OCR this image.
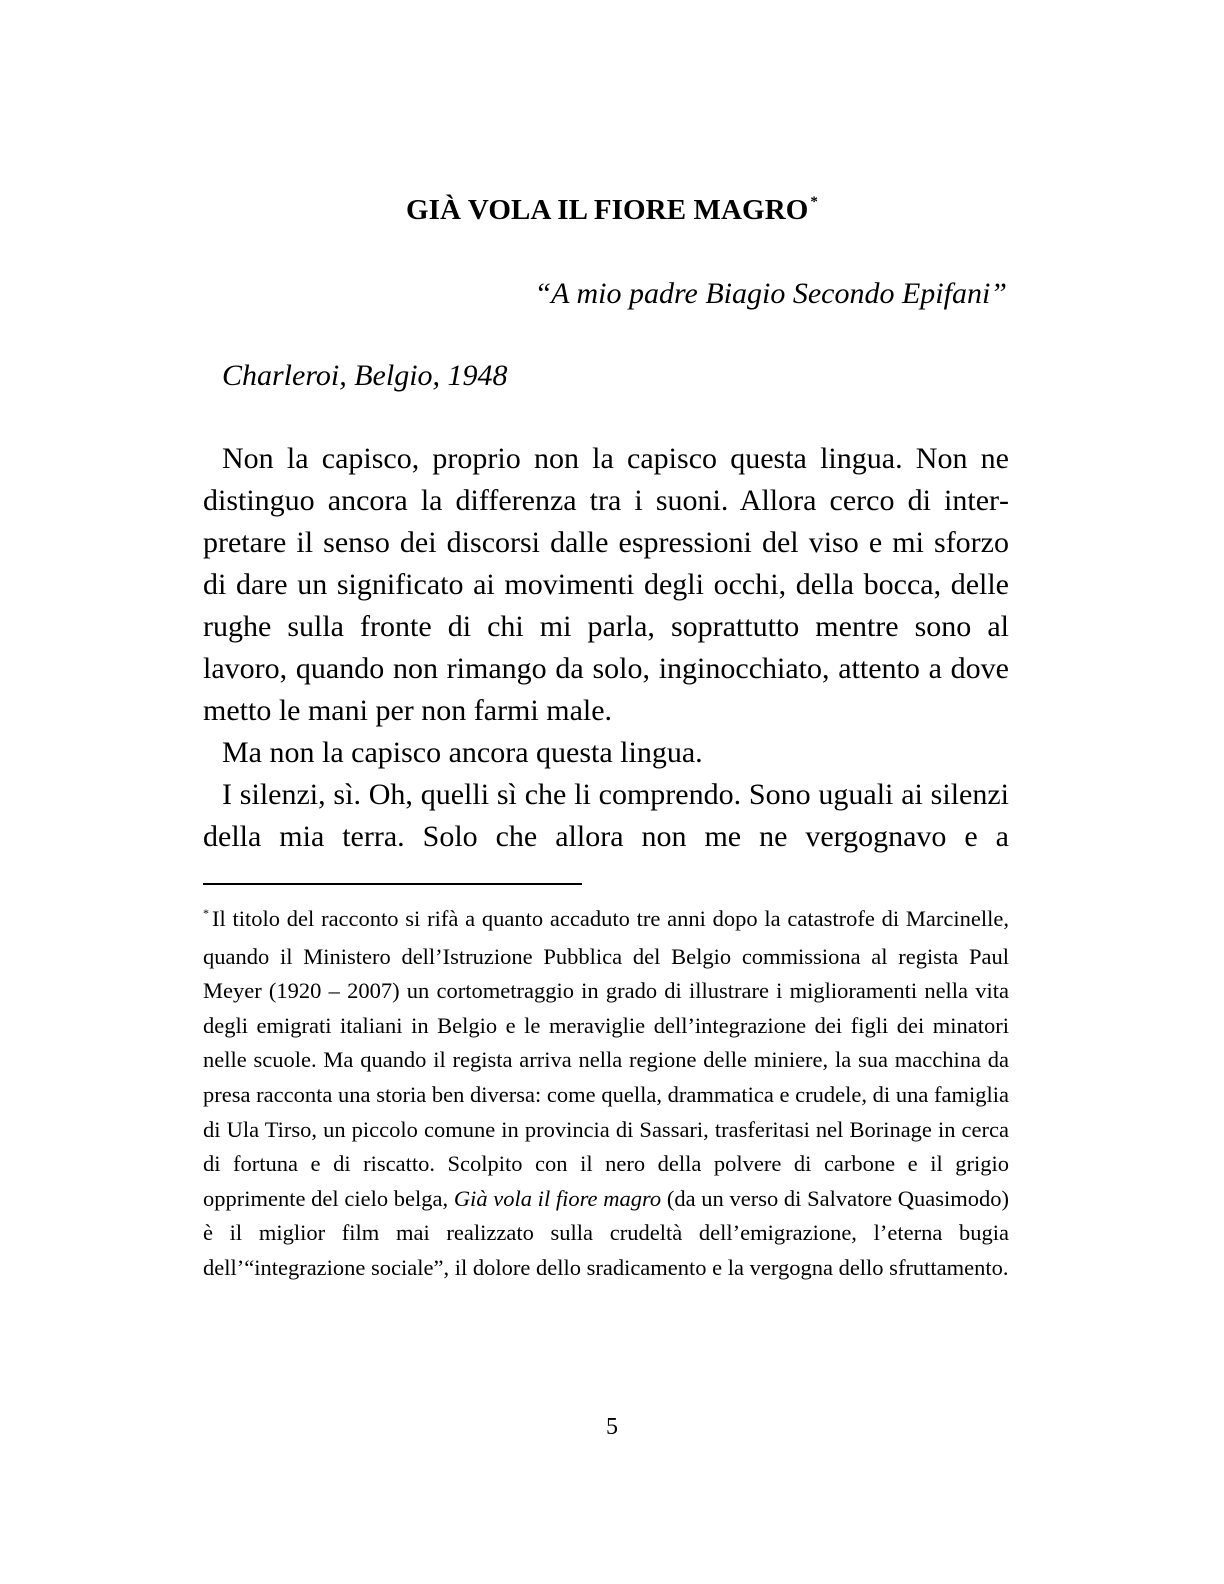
GIÀ VOLA IL FIORE MAGRO *

“A mio padre Biagio Secondo Epifani”

Charleroi, Belgio, 1948

Non la capisco, proprio non la capisco questa lingua. Non ne distinguo ancora la differenza tra i suoni. Allora cerco di interpretare il senso dei discorsi dalle espressioni del viso e mi sforzo di dare un significato ai movimenti degli occhi, della bocca, delle rughe sulla fronte di chi mi parla, soprattutto mentre sono al lavoro, quando non rimango da solo, inginocchiato, attento a dove metto le mani per non farmi male.

Ma non la capisco ancora questa lingua.

I silenzi, sì. Oh, quelli sì che li comprendo. Sono uguali ai silenzi della mia terra. Solo che allora non me ne vergognavo e a

* Il titolo del racconto si rifà a quanto accaduto tre anni dopo la catastrofe di Marcinelle, quando il Ministero dell’Istruzione Pubblica del Belgio commissiona al regista Paul Meyer (1920 – 2007) un cortometraggio in grado di illustrare i miglioramenti nella vita degli emigrati italiani in Belgio e le meraviglie dell’integrazione dei figli dei minatori nelle scuole. Ma quando il regista arriva nella regione delle miniere, la sua macchina da presa racconta una storia ben diversa: come quella, drammatica e crudele, di una famiglia di Ula Tirso, un piccolo comune in provincia di Sassari, trasferitasi nel Borinage in cerca di fortuna e di riscatto. Scolpito con il nero della polvere di carbone e il grigio opprimente del cielo belga, Già vola il fiore magro (da un verso di Salvatore Quasimodo) è il miglior film mai realizzato sulla crudeltà dell’emigrazione, l’eterna bugia dell’“integrazione sociale”, il dolore dello sradicamento e la vergogna dello sfruttamento.

5
